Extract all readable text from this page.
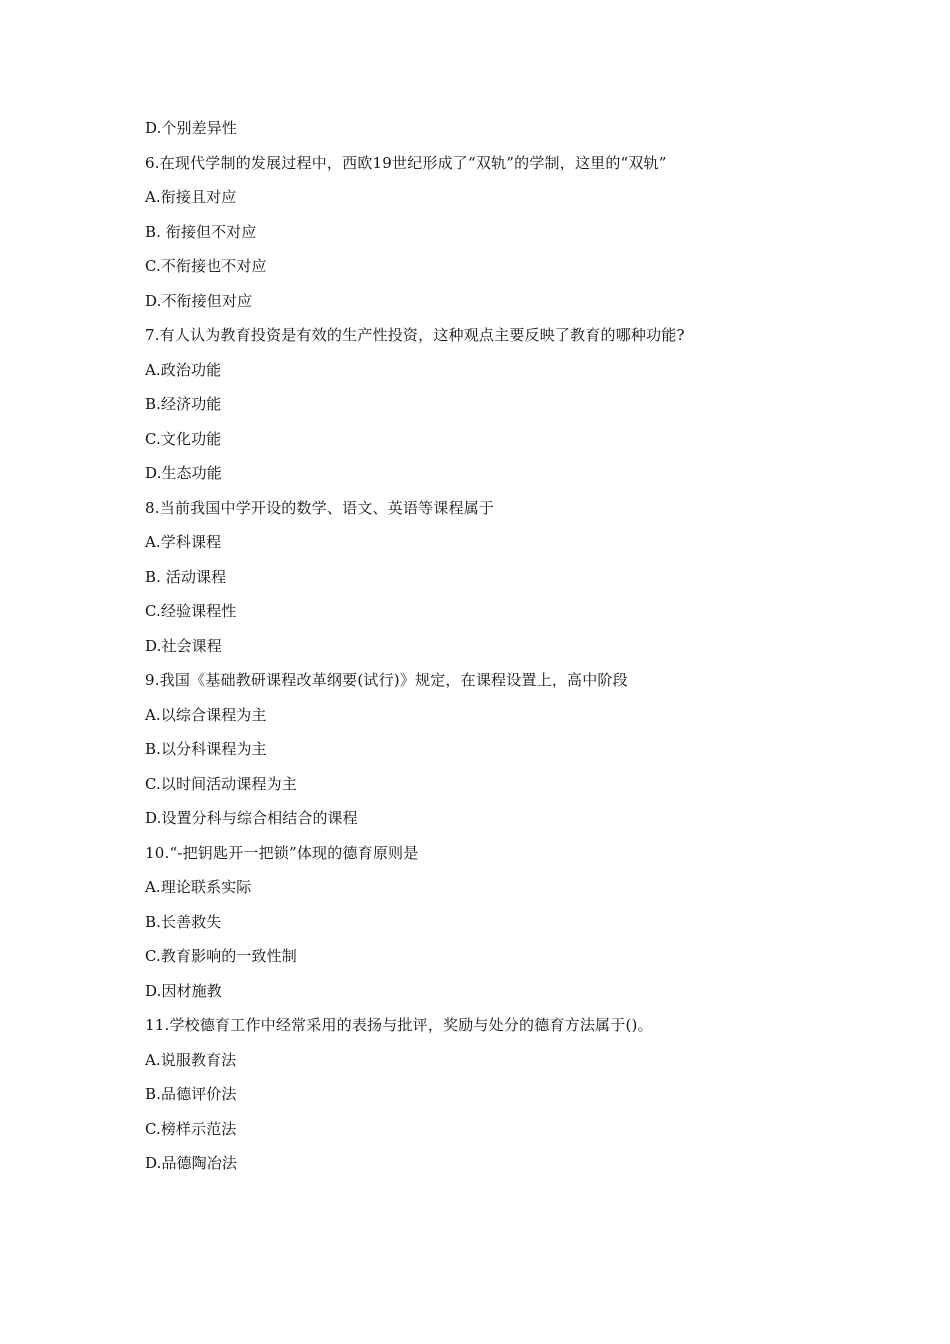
D.个别差异性
6.在现代学制的发展过程中，西欧19世纪形成了“双轨”的学制，这里的“双轨”
A.衔接且对应
B. 衔接但不对应
C.不衔接也不对应
D.不衔接但对应
7.有人认为教育投资是有效的生产性投资，这种观点主要反映了教育的哪种功能?
A.政治功能
B.经济功能
C.文化功能
D.生态功能
8.当前我国中学开设的数学、语文、英语等课程属于
A.学科课程
B. 活动课程
C.经验课程性
D.社会课程
9.我国《基础教研课程改革纲要(试行)》规定，在课程设置上，高中阶段
A.以综合课程为主
B.以分科课程为主
C.以时间活动课程为主
D.设置分科与综合相结合的课程
10.“-把钥匙开一把锁”体现的德育原则是
A.理论联系实际
B.长善救失
C.教育影响的一致性制
D.因材施教
11.学校德育工作中经常采用的表扬与批评，奖励与处分的德育方法属于()。
A.说服教育法
B.品德评价法
C.榜样示范法
D.品德陶冶法
